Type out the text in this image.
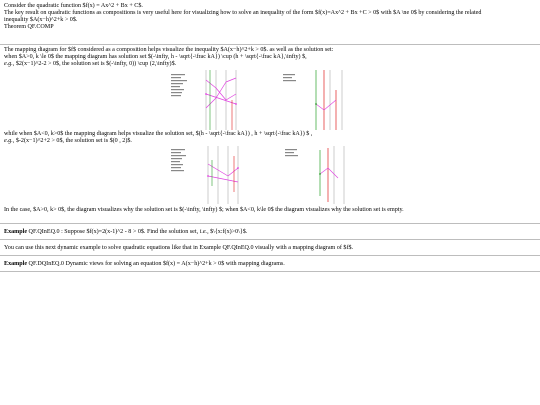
Consider the quadratic function $f(x) = Ax^2 + Bx + C$.
The key result on quadratic functions as compositions is very useful here for visualizing how to solve an inequality of the form $f(x)=Ax^2 + Bx +C > 0$ with $A \ne 0$ by considering the related
inequality $A(x−h)^2+k > 0$.
Theorem QF.COMP
The mapping diagram for $f$ considered as a composition helps visualize the inequality $A(x−h)^2+k > 0$. as well as the solution set:
when $A>0, k \le 0$ the mapping diagram has solution set $(-\infty, h - \sqrt{-\frac kA}) \cup (h + \sqrt{-\frac kA},\infty) $,
e.g., $2(x−1)^2-2 > 0$, the solution set is $(-\infty, 0)) \cup (2,\infty)$.
while when $A<0, k>0$ the mapping diagram helps visualize the solution set, $(h - \sqrt{-\frac kA}) , h + \sqrt{-\frac kA}) $ ,
e.g., $-2(x−1)^2+2 > 0$, the solution set is $(0 , 2)$.
In the case, $A>0, k> 0$, the diagram visualizes why the solution set is $(-\infty, \infty) $; when $A<0, k\le 0$ the diagram visualizes why the solution set is empty.
Example QF.QInEQ.0 : Suppose $f(x)=2(x-1)^2 - 8 > 0$. Find the solution set, i.e., $\{x:f(x)>0\}$.
You can use this next dynamic example to solve quadratic equations like that in Example QF.QInEQ.0 visually with a mapping diagram of $f$.
Example QF.DQInEQ.0 Dynamic views for solving an equation $f(x) = A(x−h)^2+k > 0$ with mapping diagrams.
